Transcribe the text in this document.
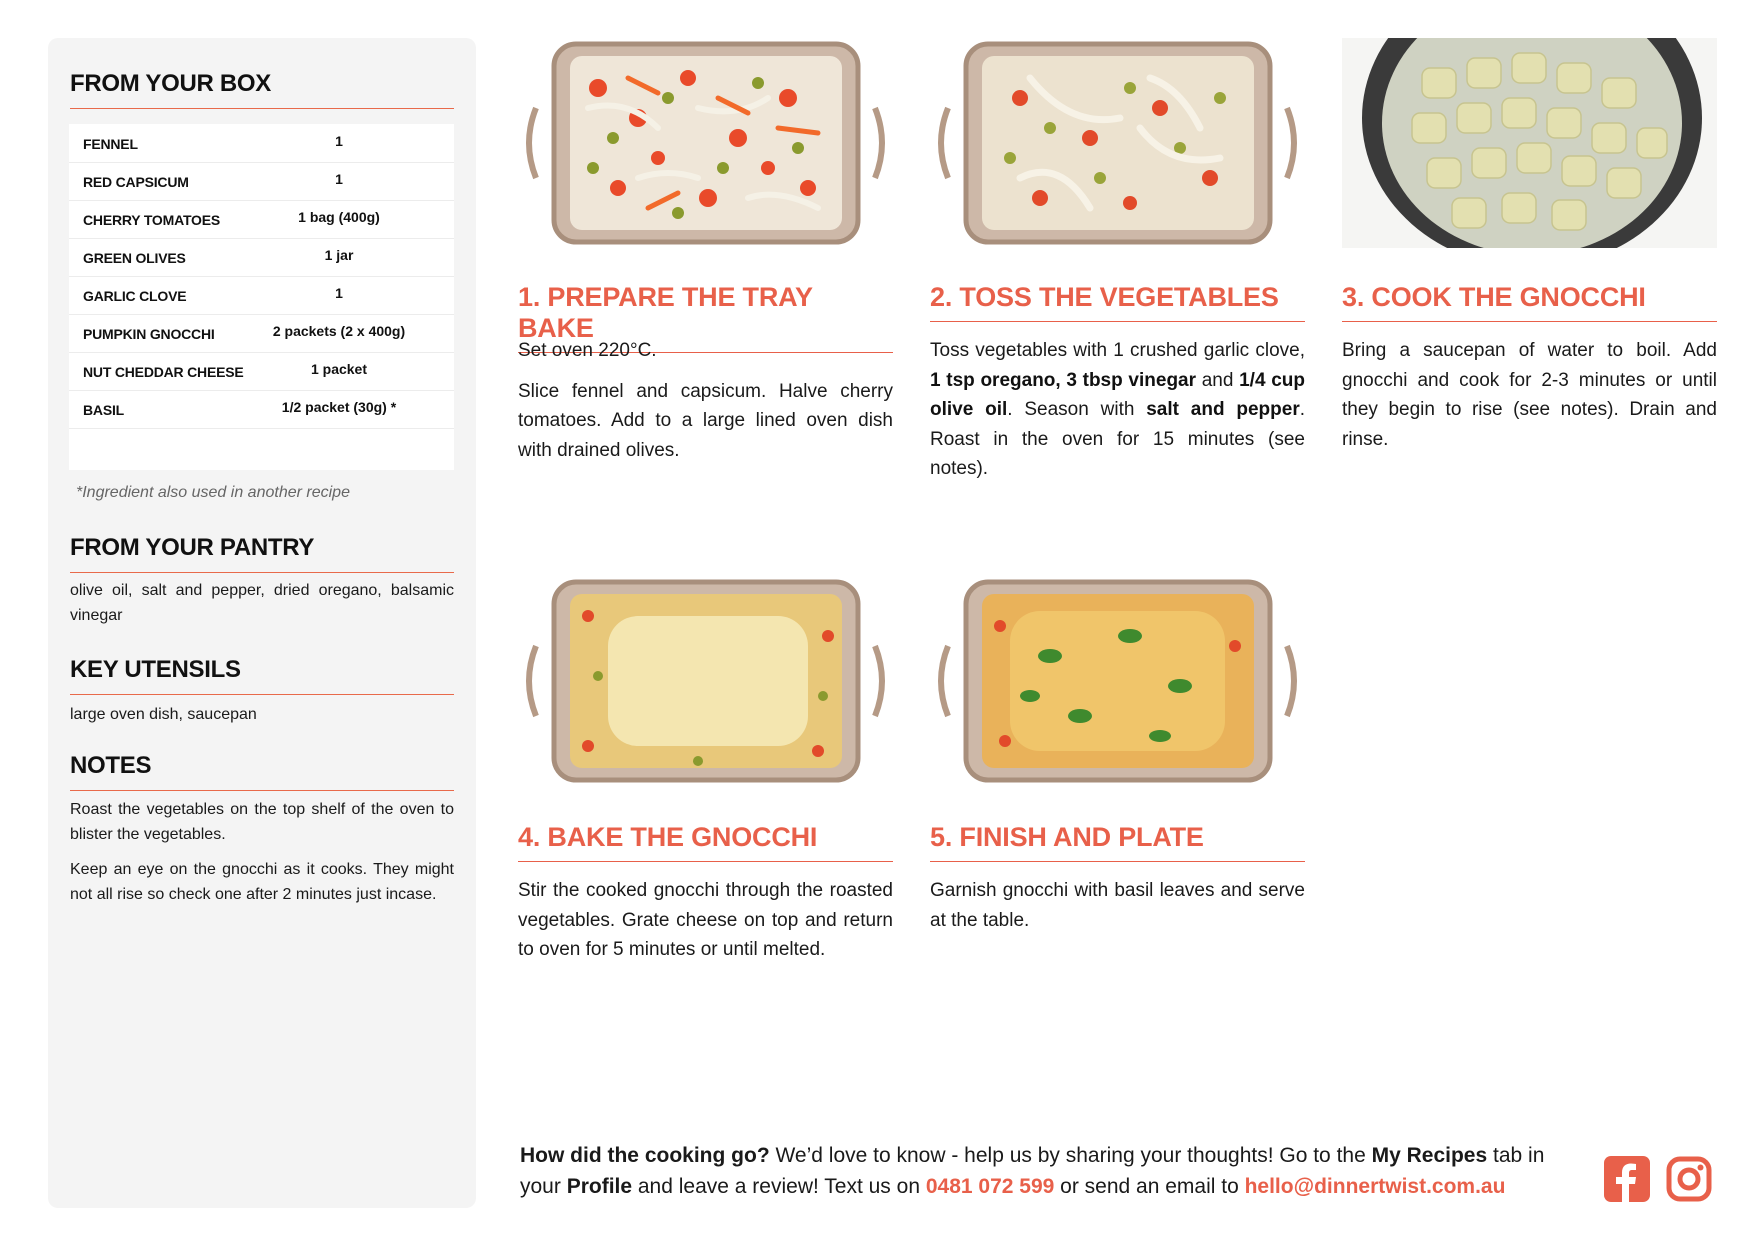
FROM YOUR BOX
FENNEL	1
RED CAPSICUM	1
CHERRY TOMATOES	1 bag (400g)
GREEN OLIVES	1 jar
GARLIC CLOVE	1
PUMPKIN GNOCCHI	2 packets (2 x 400g)
NUT CHEDDAR CHEESE	1 packet
BASIL	1/2 packet (30g) *
*Ingredient also used in another recipe
FROM YOUR PANTRY
olive oil, salt and pepper, dried oregano, balsamic vinegar
KEY UTENSILS
large oven dish, saucepan
NOTES
Roast the vegetables on the top shelf of the oven to blister the vegetables.
Keep an eye on the gnocchi as it cooks. They might not all rise so check one after 2 minutes just incase.
1. PREPARE THE TRAY BAKE

Set oven 220°C.

Slice fennel and capsicum. Halve cherry tomatoes. Add to a large lined oven dish with drained olives.

2. TOSS THE VEGETABLES

Toss vegetables with 1 crushed garlic clove, 1 tsp oregano, 3 tbsp vinegar and 1/4 cup olive oil. Season with salt and pepper. Roast in the oven for 15 minutes (see notes).

3. COOK THE GNOCCHI

Bring a saucepan of water to boil. Add gnocchi and cook for 2-3 minutes or until they begin to rise (see notes). Drain and rinse.

4. BAKE THE GNOCCHI

Stir the cooked gnocchi through the roasted vegetables. Grate cheese on top and return to oven for 5 minutes or until melted.

5. FINISH AND PLATE

Garnish gnocchi with basil leaves and serve at the table.

How did the cooking go? We’d love to know - help us by sharing your thoughts! Go to the My Recipes tab in your Profile and leave a review! Text us on 0481 072 599 or send an email to hello@dinnertwist.com.au
